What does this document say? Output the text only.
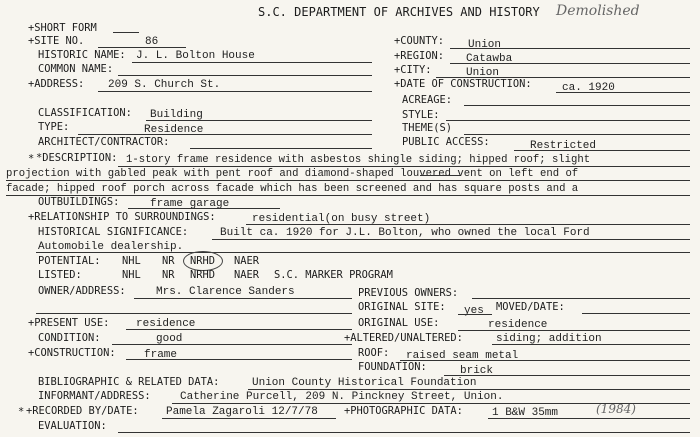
S.C. DEPARTMENT OF ARCHIVES AND HISTORY Demolished
+SHORT FORM
+SITE NO.	86	+COUNTY: Union
HISTORIC NAME: J. L. Bolton House	+REGION: Catawba
COMMON NAME:	+CITY:	Union
+ADDRESS: 209 S. Church St.	+DATE OF CONSTRUCTION:	ca. 1920
ACREAGE:
CLASSIFICATION: Building	STYLE:
TYPE:	Residence	THEME(S)
ARCHITECT/CONTRACTOR:	PUBLIC ACCESS:	Restricted
* *DESCRIPTION: 1-story frame residence with asbestos shingle siding; hipped roof; slight
projection with gabled peak with pent roof and diamond-shaped louvered vent on left end of
facade; hipped roof porch across facade which has been screened and has square posts and a
OUTBUILDINGS:	frame garage
+RELATIONSHIP TO SURROUNDINGS:	residential(on busy street)
HISTORICAL SIGNIFICANCE:	Built ca. 1920 for J.L. Bolton, who owned the local Ford
Automobile dealership.
POTENTIAL: NHL NR NRHD NAER
LISTED:	NHL NR NRHD NAER S.C. MARKER PROGRAM
OWNER/ADDRESS:	Mrs. Clarence Sanders	PREVIOUS OWNERS:
ORIGINAL SITE: yes MOVED/DATE:
+PRESENT USE: residence	ORIGINAL USE:	residence
CONDITION:	good	+ALTERED/UNALTERED:	siding; addition
+CONSTRUCTION:	frame	ROOF: raised seam metal
FOUNDATION:	brick
BIBLIOGRAPHIC & RELATED DATA:	Union County Historical Foundation
INFORMANT/ADDRESS:	Catherine Purcell, 209 N. Pinckney Street, Union.
* +RECORDED BY/DATE: Pamela Zagaroli 12/7/78	+PHOTOGRAPHIC DATA:	1 B&W 35mm	(1984)
EVALUATION:
